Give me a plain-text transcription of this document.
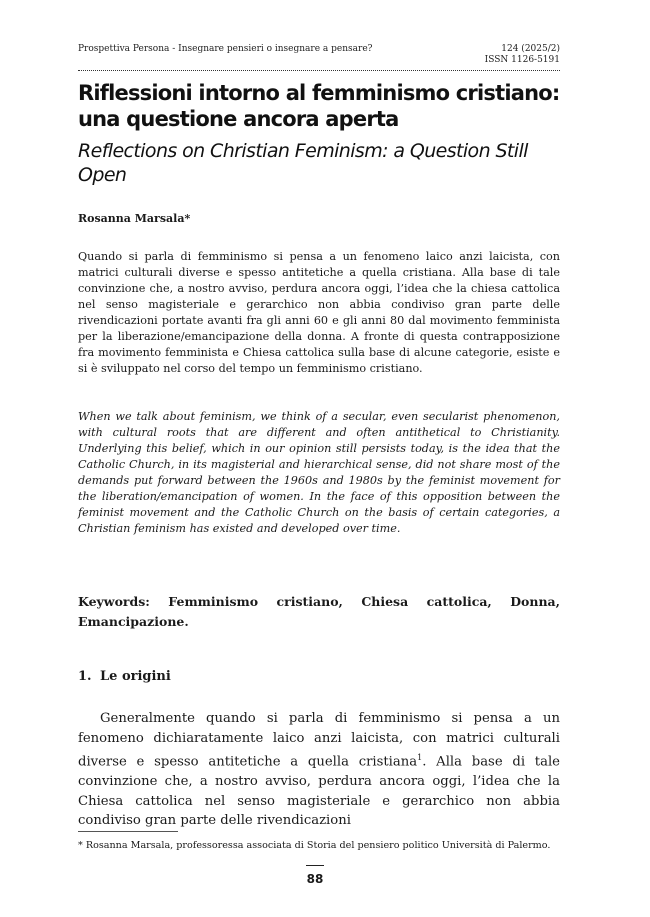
Prospettiva Persona - Insegnare pensieri o insegnare a pensare?	124 (2025/2)
ISSN 1126-5191
Riflessioni intorno al femminismo cristiano: una questione ancora aperta
Reflections on Christian Feminism: a Question Still Open
Rosanna Marsala*
Quando si parla di femminismo si pensa a un fenomeno laico anzi laicista, con matrici culturali diverse e spesso antitetiche a quella cristiana. Alla base di tale convinzione che, a nostro avviso, perdura ancora oggi, l’idea che la chiesa cattolica nel senso magisteriale e gerarchico non abbia condiviso gran parte delle rivendicazioni portate avanti fra gli anni 60 e gli anni 80 dal movimento femminista per la liberazione/emancipazione della donna. A fronte di questa contrapposizione fra movimento femminista e Chiesa cattolica sulla base di alcune categorie, esiste e si è sviluppato nel corso del tempo un femminismo cristiano.
When we talk about feminism, we think of a secular, even secularist phenomenon, with cultural roots that are different and often antithetical to Christianity. Underlying this belief, which in our opinion still persists today, is the idea that the Catholic Church, in its magisterial and hierarchical sense, did not share most of the demands put forward between the 1960s and 1980s by the feminist movement for the liberation/emancipation of women. In the face of this opposition between the feminist movement and the Catholic Church on the basis of certain categories, a Christian feminism has existed and developed over time.
Keywords: Femminismo cristiano, Chiesa cattolica, Donna, Emancipazione.
1. Le origini
Generalmente quando si parla di femminismo si pensa a un fenomeno dichiaratamente laico anzi laicista, con matrici culturali diverse e spesso antitetiche a quella cristiana$^1$. Alla base di tale convinzione che, a nostro avviso, perdura ancora oggi, l’idea che la Chiesa cattolica nel senso magisteriale e gerarchico non abbia condiviso gran parte delle rivendicazioni
* Rosanna Marsala, professoressa associata di Storia del pensiero politico Università di Palermo.
88
